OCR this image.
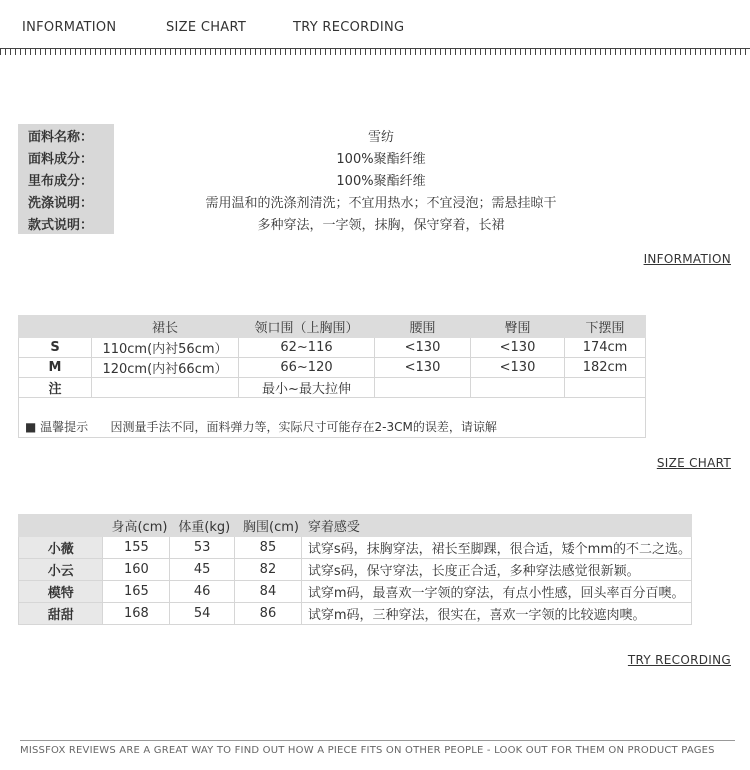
INFORMATION	SIZE CHART	TRY RECORDING
面料名称：	雪纺
面料成分：	100%聚酯纤维
里布成分：	100%聚酯纤维
洗涤说明：	需用温和的洗涤剂清洗；不宜用热水；不宜浸泡；需悬挂晾干
款式说明：	多种穿法，一字领，抹胸，保守穿着，长裙
INFORMATION
	裙长	领口围（上胸围）	腰围	臀围	下摆围
S	110cm(内衬56cm）	62~116	<130	<130	174cm
M	120cm(内衬66cm）	66~120	<130	<130	182cm
注		最小~最大拉伸			

■ 温馨提示		因测量手法不同，面料弹力等，实际尺寸可能存在2-3CM的误差，请谅解			
SIZE CHART
	身高(cm)	体重(kg)	胸围(cm)	穿着感受
小薇	155	53	85	试穿s码，抹胸穿法，裙长至脚踝，很合适，矮个mm的不二之选。
小云	160	45	82	试穿s码，保守穿法，长度正合适，多种穿法感觉很新颖。
模特	165	46	84	试穿m码，最喜欢一字领的穿法，有点小性感，回头率百分百噢。
甜甜	168	54	86	试穿m码，三种穿法，很实在，喜欢一字领的比较遮肉噢。
TRY RECORDING
MISSFOX REVIEWS ARE A GREAT WAY TO FIND OUT HOW A PIECE FITS ON OTHER PEOPLE - LOOK OUT FOR THEM ON PRODUCT PAGES
